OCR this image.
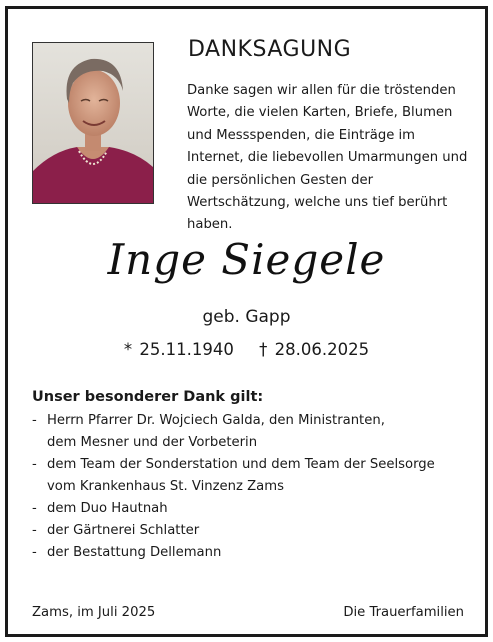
DANKSAGUNG
Danke sagen wir allen für die tröstenden Worte, die vielen Karten, Briefe, Blumen und Messspenden, die Einträge im Internet, die liebevollen Umarmungen und die persönlichen Gesten der Wertschätzung, welche uns tief berührt haben.
Inge Siegele
geb. Gapp
* 25.11.1940 † 28.06.2025
Unser besonderer Dank gilt:
- Herrn Pfarrer Dr. Wojciech Galda, den Ministranten,
dem Mesner und der Vorbeterin
- dem Team der Sonderstation und dem Team der Seelsorge
vom Krankenhaus St. Vinzenz Zams
- dem Duo Hautnah
- der Gärtnerei Schlatter
- der Bestattung Dellemann
Zams, im Juli 2025	Die Trauerfamilien
